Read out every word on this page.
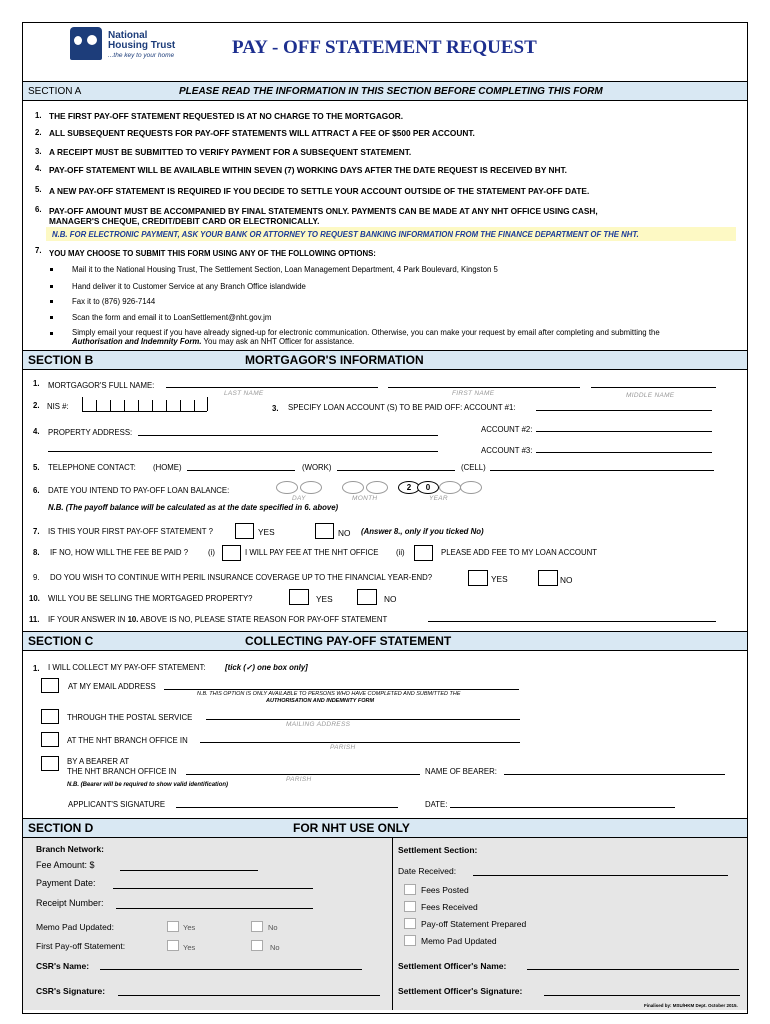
National
Housing Trust
...the key to your home	PAY - OFF STATEMENT REQUEST
SECTION A	PLEASE READ THE INFORMATION IN THIS SECTION BEFORE COMPLETING THIS FORM
1. THE FIRST PAY-OFF STATEMENT REQUESTED IS AT NO CHARGE TO THE MORTGAGOR.
2. ALL SUBSEQUENT REQUESTS FOR PAY-OFF STATEMENTS WILL ATTRACT A FEE OF $500 PER ACCOUNT.
3. A RECEIPT MUST BE SUBMITTED TO VERIFY PAYMENT FOR A SUBSEQUENT STATEMENT.
4. PAY-OFF STATEMENT WILL BE AVAILABLE WITHIN SEVEN (7) WORKING DAYS AFTER THE DATE REQUEST IS RECEIVED BY NHT.
5. A NEW PAY-OFF STATEMENT IS REQUIRED IF YOU DECIDE TO SETTLE YOUR ACCOUNT OUTSIDE OF THE STATEMENT PAY-OFF DATE.
6. PAY-OFF AMOUNT MUST BE ACCOMPANIED BY FINAL STATEMENTS ONLY. PAYMENTS CAN BE MADE AT ANY NHT OFFICE USING CASH,
MANAGER'S CHEQUE, CREDIT/DEBIT CARD OR ELECTRONICALLY.
N.B. FOR ELECTRONIC PAYMENT, ASK YOUR BANK OR ATTORNEY TO REQUEST BANKING INFORMATION FROM THE FINANCE DEPARTMENT OF THE NHT.
7. YOU MAY CHOOSE TO SUBMIT THIS FORM USING ANY OF THE FOLLOWING OPTIONS:
Mail it to the National Housing Trust, The Settlement Section, Loan Management Department, 4 Park Boulevard, Kingston 5
Hand deliver it to Customer Service at any Branch Office islandwide
Fax it to (876) 926-7144
Scan the form and email it to LoanSettlement@nht.gov.jm
Simply email your request if you have already signed-up for electronic communication. Otherwise, you can make your request by email after completing and submitting the
Authorisation and Indemnity Form. You may ask an NHT Officer for assistance.
SECTION B	MORTGAGOR'S INFORMATION
1. MORTGAGOR'S FULL NAME:
LAST NAME	FIRST NAME	MIDDLE NAME
2. NIS #:	3. SPECIFY LOAN ACCOUNT (S) TO BE PAID OFF: ACCOUNT #1:
4. PROPERTY ADDRESS:	ACCOUNT #2:
ACCOUNT #3:
5. TELEPHONE CONTACT: (HOME)	(WORK)	(CELL)
6. DATE YOU INTEND TO PAY-OFF LOAN BALANCE:	2	0
DAY	MONTH	YEAR
N.B. (The payoff balance will be calculated as at the date specified in 6. above)
7. IS THIS YOUR FIRST PAY-OFF STATEMENT ?	YES	NO (Answer 8., only if you ticked No)
8. IF NO, HOW WILL THE FEE BE PAID ?	(i)	I WILL PAY FEE AT THE NHT OFFICE (ii)	PLEASE ADD FEE TO MY LOAN ACCOUNT
9. DO YOU WISH TO CONTINUE WITH PERIL INSURANCE COVERAGE UP TO THE FINANCIAL YEAR-END?	YES	NO
10. WILL YOU BE SELLING THE MORTGAGED PROPERTY?	YES	NO
11. IF YOUR ANSWER IN 10. ABOVE IS NO, PLEASE STATE REASON FOR PAY-OFF STATEMENT
SECTION C	COLLECTING PAY-OFF STATEMENT
1. I WILL COLLECT MY PAY-OFF STATEMENT: [tick (✓) one box only]
AT MY EMAIL ADDRESS
N.B. THIS OPTION IS ONLY AVAILABLE TO PERSONS WHO HAVE COMPLETED AND SUBMITTED THE
AUTHORISATION AND INDEMNITY FORM
THROUGH THE POSTAL SERVICE
MAILING ADDRESS
AT THE NHT BRANCH OFFICE IN
PARISH
BY A BEARER AT
THE NHT BRANCH OFFICE IN
PARISH
NAME OF BEARER:
N.B. (Bearer will be required to show valid identification)
APPLICANT'S SIGNATURE	DATE:
SECTION D	FOR NHT USE ONLY
Branch Network:
Fee Amount: $
Payment Date:
Receipt Number:
Memo Pad Updated:	Yes	No
First Pay-off Statement:	Yes	No
CSR's Name:
CSR's Signature:
Settlement Section:
Date Received:
Fees Posted
Fees Received
Pay-off Statement Prepared
Memo Pad Updated
Settlement Officer's Name:
Settlement Officer's Signature:
Finalised by: MSU/HKM Dept. October 2015.
